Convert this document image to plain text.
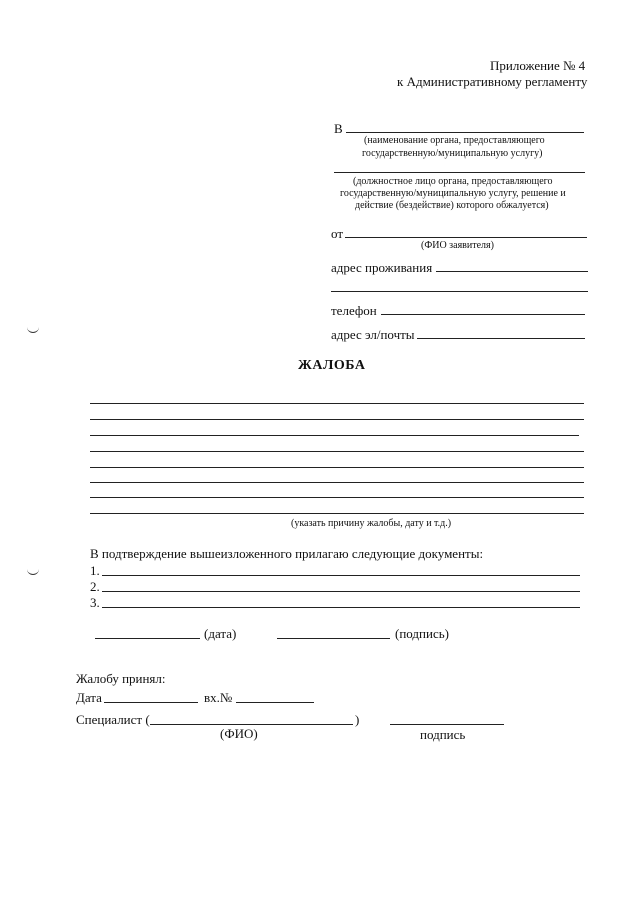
Приложение № 4
к Административному регламенту
В
(наименование органа, предоставляющего
государственную/муниципальную услугу)
(должностное лицо органа, предоставляющего
государственную/муниципальную услугу, решение и
действие (бездействие) которого обжалуется)
от
(ФИО заявителя)
адрес проживания
телефон
адрес эл/почты
ЖАЛОБА
(указать причину жалобы, дату и т.д.)
В подтверждение вышеизложенного прилагаю следующие документы:
1.
2.
3.
(дата)	(подпись)
Жалобу принял:
Дата	вх.№
Специалист (	)
(ФИО)	подпись
